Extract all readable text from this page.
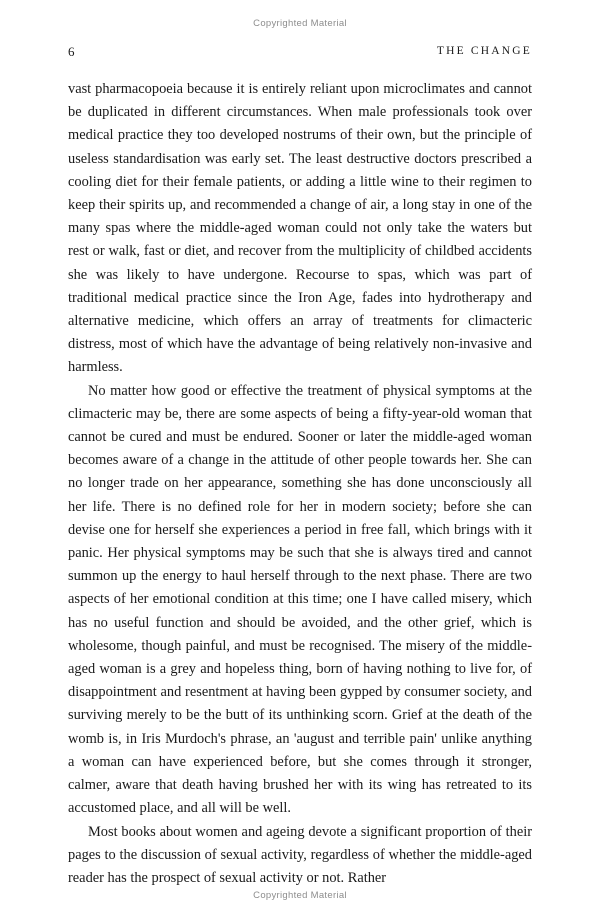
Copyrighted Material
6	THE CHANGE

vast pharmacopoeia because it is entirely reliant upon microclimates and cannot be duplicated in different circumstances. When male professionals took over medical practice they too developed nostrums of their own, but the principle of useless standardisation was early set. The least destructive doctors prescribed a cooling diet for their female patients, or adding a little wine to their regimen to keep their spirits up, and recommended a change of air, a long stay in one of the many spas where the middle-aged woman could not only take the waters but rest or walk, fast or diet, and recover from the multiplicity of childbed accidents she was likely to have undergone. Recourse to spas, which was part of traditional medical practice since the Iron Age, fades into hydrotherapy and alternative medicine, which offers an array of treatments for climacteric distress, most of which have the advantage of being relatively non-invasive and harmless.

No matter how good or effective the treatment of physical symptoms at the climacteric may be, there are some aspects of being a fifty-year-old woman that cannot be cured and must be endured. Sooner or later the middle-aged woman becomes aware of a change in the attitude of other people towards her. She can no longer trade on her appearance, something she has done unconsciously all her life. There is no defined role for her in modern society; before she can devise one for herself she experiences a period in free fall, which brings with it panic. Her physical symptoms may be such that she is always tired and cannot summon up the energy to haul herself through to the next phase. There are two aspects of her emotional condition at this time; one I have called misery, which has no useful function and should be avoided, and the other grief, which is wholesome, though painful, and must be recognised. The misery of the middle-aged woman is a grey and hopeless thing, born of having nothing to live for, of disappointment and resentment at having been gypped by consumer society, and surviving merely to be the butt of its unthinking scorn. Grief at the death of the womb is, in Iris Murdoch's phrase, an 'august and terrible pain' unlike anything a woman can have experienced before, but she comes through it stronger, calmer, aware that death having brushed her with its wing has retreated to its accustomed place, and all will be well.

Most books about women and ageing devote a significant proportion of their pages to the discussion of sexual activity, regardless of whether the middle-aged reader has the prospect of sexual activity or not. Rather

Copyrighted Material
